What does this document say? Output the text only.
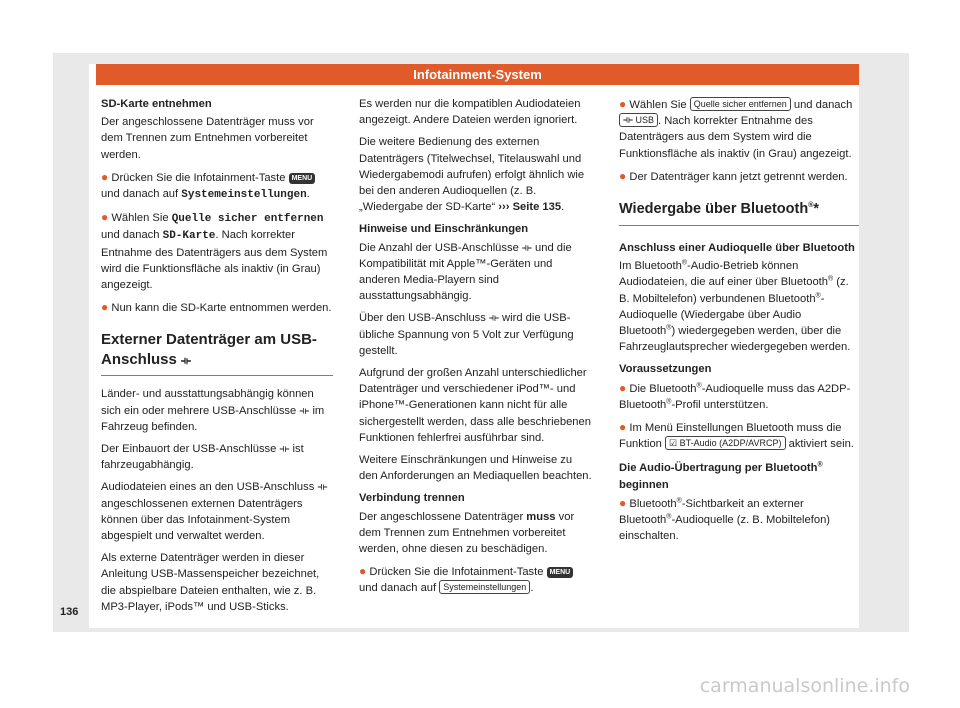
Infotainment-System
SD-Karte entnehmen

Der angeschlossene Datenträger muss vor dem Trennen zum Entnehmen vorbereitet werden.

● Drücken Sie die Infotainment-Taste MENU und danach auf Systemeinstellungen.
● Wählen Sie Quelle sicher entfernen und danach SD-Karte. Nach korrekter Entnahme des Datenträgers aus dem System wird die Funktionsfläche als inaktiv (in Grau) angezeigt.
● Nun kann die SD-Karte entnommen werden.
Externer Datenträger am USB-Anschluss ⟛

Länder- und ausstattungsabhängig können sich ein oder mehrere USB-Anschlüsse ⟛ im Fahrzeug befinden.

Der Einbauort der USB-Anschlüsse ⟛ ist fahrzeugabhängig.

Audiodateien eines an den USB-Anschluss ⟛ angeschlossenen externen Datenträgers können über das Infotainment-System abgespielt und verwaltet werden.

Als externe Datenträger werden in dieser Anleitung USB-Massenspeicher bezeichnet, die abspielbare Dateien enthalten, wie z. B. MP3-Player, iPods™ und USB-Sticks.

Es werden nur die kompatiblen Audiodateien angezeigt. Andere Dateien werden ignoriert.

Die weitere Bedienung des externen Datenträgers (Titelwechsel, Titelauswahl und Wiedergabemodi aufrufen) erfolgt ähnlich wie bei den anderen Audioquellen (z. B. „Wiedergabe der SD-Karte“ ››› Seite 135.

Hinweise und Einschränkungen

Die Anzahl der USB-Anschlüsse ⟛ und die Kompatibilität mit Apple™-Geräten und anderen Media-Playern sind ausstattungsabhängig.

Über den USB-Anschluss ⟛ wird die USB-übliche Spannung von 5 Volt zur Verfügung gestellt.

Aufgrund der großen Anzahl unterschiedlicher Datenträger und verschiedener iPod™- und iPhone™-Generationen kann nicht für alle sichergestellt werden, dass alle beschriebenen Funktionen fehlerfrei ausführbar sind.

Weitere Einschränkungen und Hinweise zu den Anforderungen an Mediaquellen beachten.

Verbindung trennen

Der angeschlossene Datenträger muss vor dem Trennen zum Entnehmen vorbereitet werden, ohne diesen zu beschädigen.

● Drücken Sie die Infotainment-Taste MENU und danach auf Systemeinstellungen .
● Wählen Sie Quelle sicher entfernen und danach ⟛ USB . Nach korrekter Entnahme des Datenträgers aus dem System wird die Funktionsfläche als inaktiv (in Grau) angezeigt.
● Der Datenträger kann jetzt getrennt werden.
Wiedergabe über Bluetooth®*
Anschluss einer Audioquelle über Bluetooth

Im Bluetooth®-Audio-Betrieb können Audiodateien, die auf einer über Bluetooth® (z. B. Mobiltelefon) verbundenen Bluetooth®-Audioquelle (Wiedergabe über Audio Bluetooth®) wiedergegeben werden, über die Fahrzeuglautsprecher wiedergegeben werden.

Voraussetzungen
● Die Bluetooth®-Audioquelle muss das A2DP-Bluetooth®-Profil unterstützen.
● Im Menü Einstellungen Bluetooth muss die Funktion ☑ BT-Audio (A2DP/AVRCP) aktiviert sein.
Die Audio-Übertragung per Bluetooth® beginnen
● Bluetooth®-Sichtbarkeit an externer Bluetooth®-Audioquelle (z. B. Mobiltelefon) einschalten.
136
carmanualsonline.info
